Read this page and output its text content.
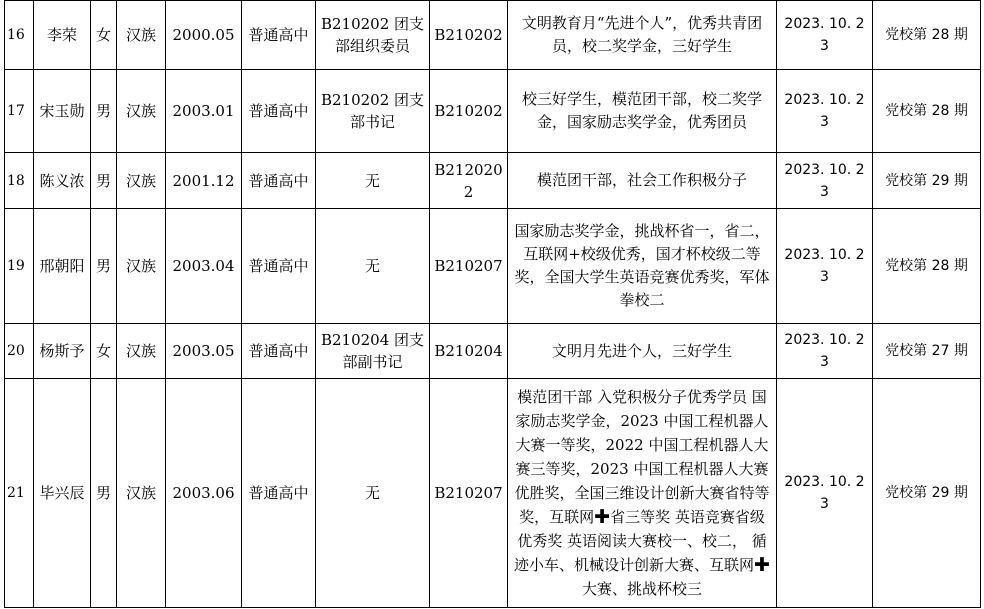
16	李荣	女	汉族	2000.05	普通高中	B210202 团支部组织委员	B210202	文明教育月“先进个人”，优秀共青团员，校二奖学金，三好学生	2023. 10. 23	党校第 28 期
17	宋玉勋	男	汉族	2003.01	普通高中	B210202 团支部书记	B210202	校三好学生，模范团干部，校二奖学金，国家励志奖学金，优秀团员	2023. 10. 23	党校第 28 期
18	陈义浓	男	汉族	2001.12	普通高中	无	B2120202	模范团干部，社会工作积极分子	2023. 10. 23	党校第 29 期
19	邢朝阳	男	汉族	2003.04	普通高中	无	B210207	国家励志奖学金，挑战杯省一，省二，互联网+校级优秀，国才杯校级二等奖，全国大学生英语竞赛优秀奖，军体拳校二	2023. 10. 23	党校第 28 期
20	杨斯予	女	汉族	2003.05	普通高中	B210204 团支部副书记	B210204	文明月先进个人，三好学生	2023. 10. 23	党校第 27 期
21	毕兴辰	男	汉族	2003.06	普通高中	无	B210207	模范团干部 入党积极分子优秀学员 国家励志奖学金，2023 中国工程机器人大赛一等奖，2022 中国工程机器人大赛三等奖，2023 中国工程机器人大赛优胜奖，全国三维设计创新大赛省特等奖，互联网✚省三等奖 英语竞赛省级优秀奖 英语阅读大赛校一、校二， 循迹小车、机械设计创新大赛、互联网✚大赛、挑战杯校三	2023. 10. 23	党校第 29 期
